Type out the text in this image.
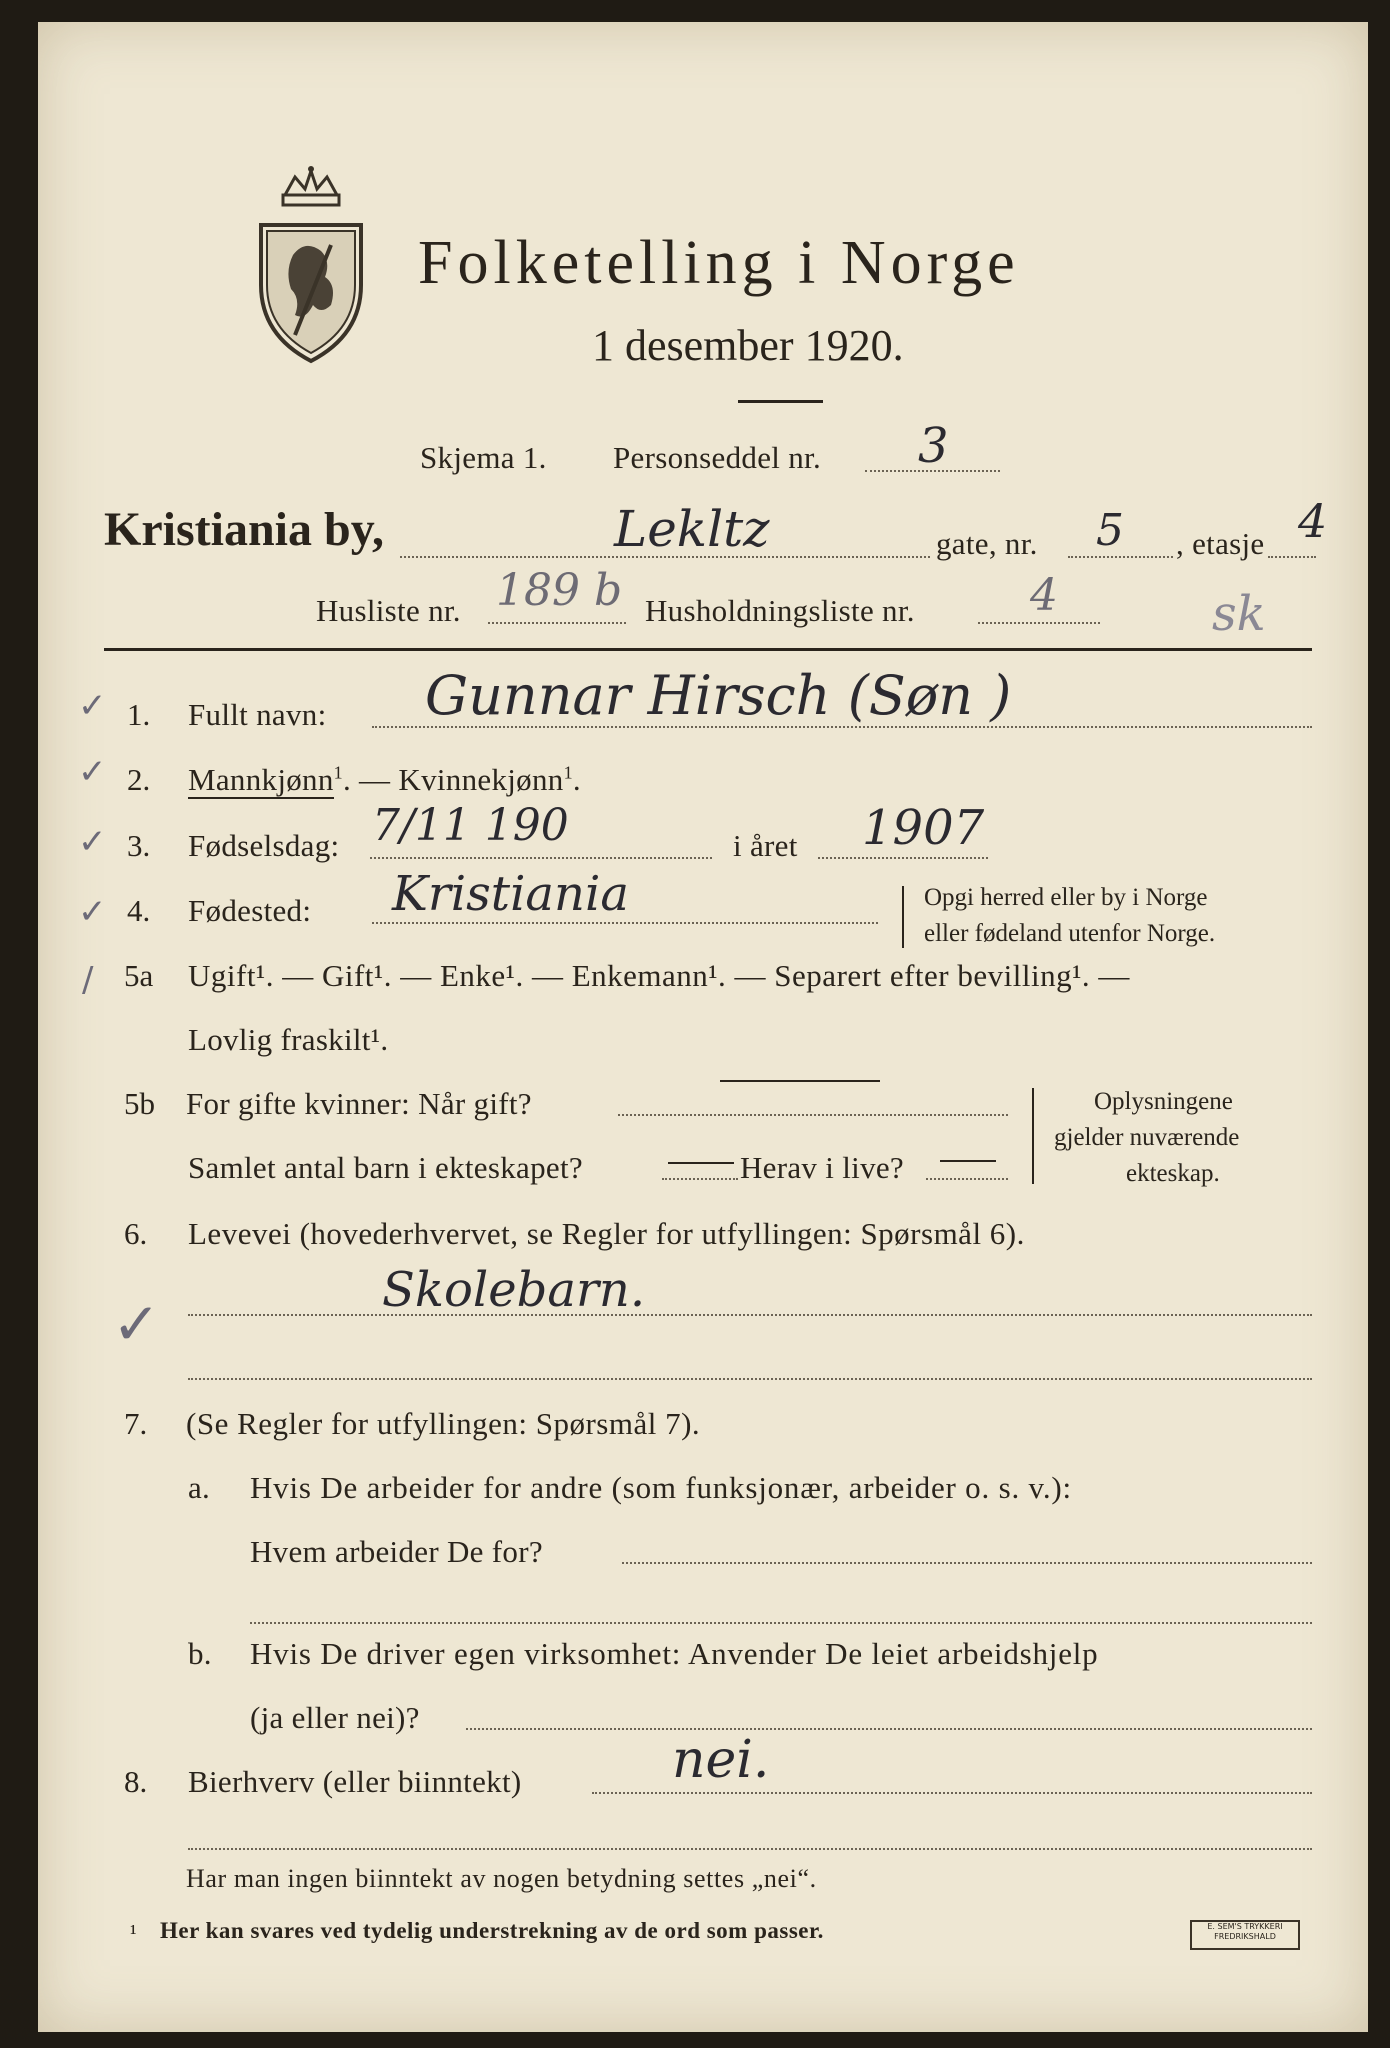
Folketelling i Norge
1 desember 1920.
Skjema 1. Personseddel nr. 3
Kristiania by,	Lekltz	gate, nr. 5 , etasje 4
Husliste nr. 189 b Husholdningsliste nr.	4	sk
✓
✓
✓
✓
/
✓
1. Fullt navn: Gunnar Hirsch (Søn )
2. Mannkjønn$^1$. — Kvinnekjønn$^1$.
3. Fødselsdag: 7/11 190	i året 1907
4. Fødested: Kristiania	Opgi herred eller by i Norge
eller fødeland utenfor Norge.
5a Ugift¹. — Gift¹. — Enke¹. — Enkemann¹. — Separert efter bevilling¹. —
Lovlig fraskilt¹.
5b For gifte kvinner: Når gift?
Samlet antal barn i ekteskapet?	Herav i live?
Oplysningene
gjelder nuværende
ekteskap.
6. Levevei (hovederhvervet, se Regler for utfyllingen: Spørsmål 6).
Skolebarn.
7. (Se Regler for utfyllingen: Spørsmål 7).
a. Hvis De arbeider for andre (som funksjonær, arbeider o. s. v.):
Hvem arbeider De for?
b. Hvis De driver egen virksomhet: Anvender De leiet arbeidshjelp
(ja eller nei)?
8. Bierhverv (eller biinntekt)	nei.
Har man ingen biinntekt av nogen betydning settes „nei“.
¹ Her kan svares ved tydelig understrekning av de ord som passer.	E. SEM'S TRYKKERI FREDRIKSHALD
